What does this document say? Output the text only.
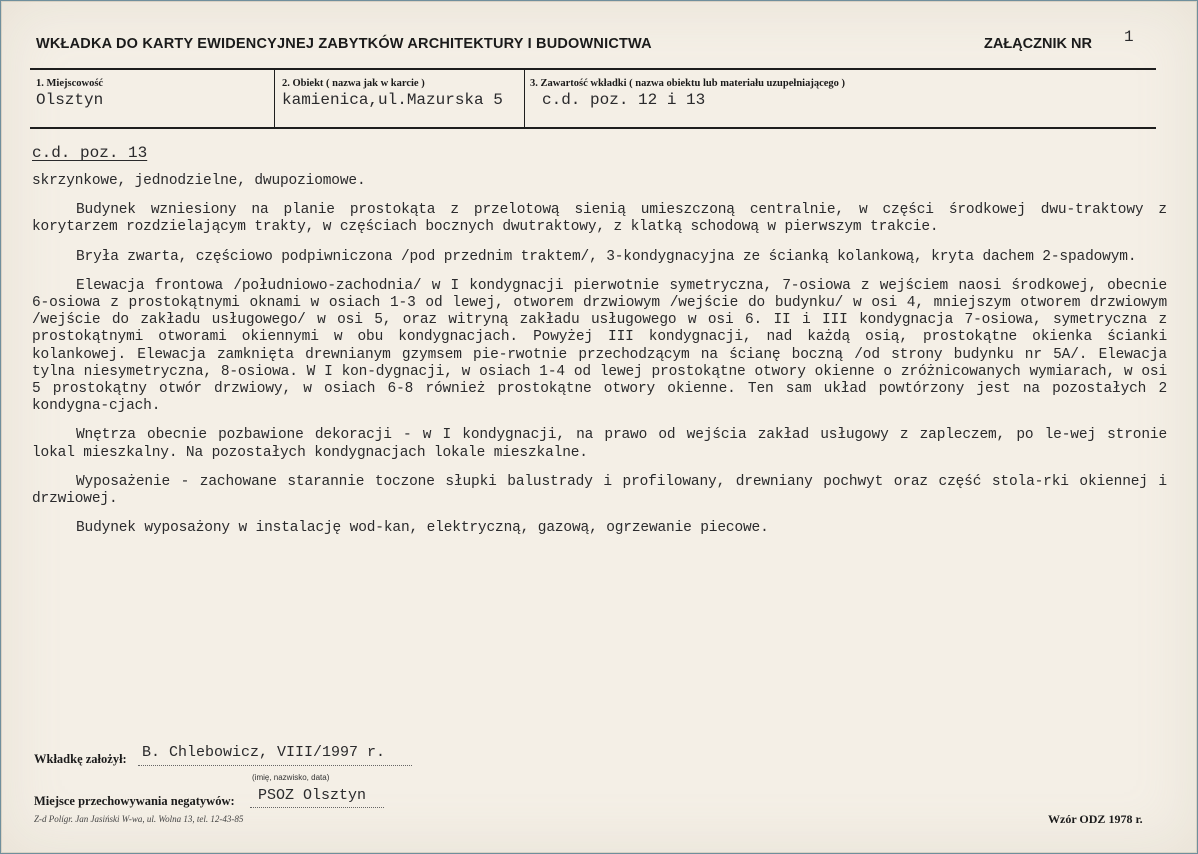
WKŁADKA DO KARTY EWIDENCYJNEJ ZABYTKÓW ARCHITEKTURY I BUDOWNICTWA	ZAŁĄCZNIK NR 1
1. Miejscowość
Olsztyn
2. Obiekt ( nazwa jak w karcie )
kamienica,ul.Mazurska 5
3. Zawartość wkładki ( nazwa obiektu lub materiału uzupełniającego )
c.d. poz. 12 i 13
c.d. poz. 13

skrzynkowe, jednodzielne, dwupoziomowe.

Budynek wzniesiony na planie prostokąta z przelotową sienią umieszczoną centralnie, w części środkowej dwu-traktowy z korytarzem rozdzielającym trakty, w częściach bocznych dwutraktowy, z klatką schodową w pierwszym trakcie.

Bryła zwarta, częściowo podpiwniczona /pod przednim traktem/, 3-kondygnacyjna ze ścianką kolankową, kryta dachem 2-spadowym.

Elewacja frontowa /południowo-zachodnia/ w I kondygnacji pierwotnie symetryczna, 7-osiowa z wejściem naosi środkowej, obecnie 6-osiowa z prostokątnymi oknami w osiach 1-3 od lewej, otworem drzwiowym /wejście do budynku/ w osi 4, mniejszym otworem drzwiowym /wejście do zakładu usługowego/ w osi 5, oraz witryną zakładu usługowego w osi 6. II i III kondygnacja 7-osiowa, symetryczna z prostokątnymi otworami okiennymi w obu kondygnacjach. Powyżej III kondygnacji, nad każdą osią, prostokątne okienka ścianki kolankowej. Elewacja zamknięta drewnianym gzymsem pie-rwotnie przechodzącym na ścianę boczną /od strony budynku nr 5A/. Elewacja tylna niesymetryczna, 8-osiowa. W I kon-dygnacji, w osiach 1-4 od lewej prostokątne otwory okienne o zróżnicowanych wymiarach, w osi 5 prostokątny otwór drzwiowy, w osiach 6-8 również prostokątne otwory okienne. Ten sam układ powtórzony jest na pozostałych 2 kondygna-cjach.

Wnętrza obecnie pozbawione dekoracji - w I kondygnacji, na prawo od wejścia zakład usługowy z zapleczem, po le-wej stronie lokal mieszkalny. Na pozostałych kondygnacjach lokale mieszkalne.

Wyposażenie - zachowane starannie toczone słupki balustrady i profilowany, drewniany pochwyt oraz część stola-rki okiennej i drzwiowej.

Budynek wyposażony w instalację wod-kan, elektryczną, gazową, ogrzewanie piecowe.

Wkładkę założył: B. Chlebowicz, VIII/1997 r.
(imię, nazwisko, data)
Miejsce przechowywania negatywów: PSOZ Olsztyn
Z-d Polígr. Jan Jasiński W-wa, ul. Wolna 13, tel. 12-43-85	Wzór ODZ 1978 r.
